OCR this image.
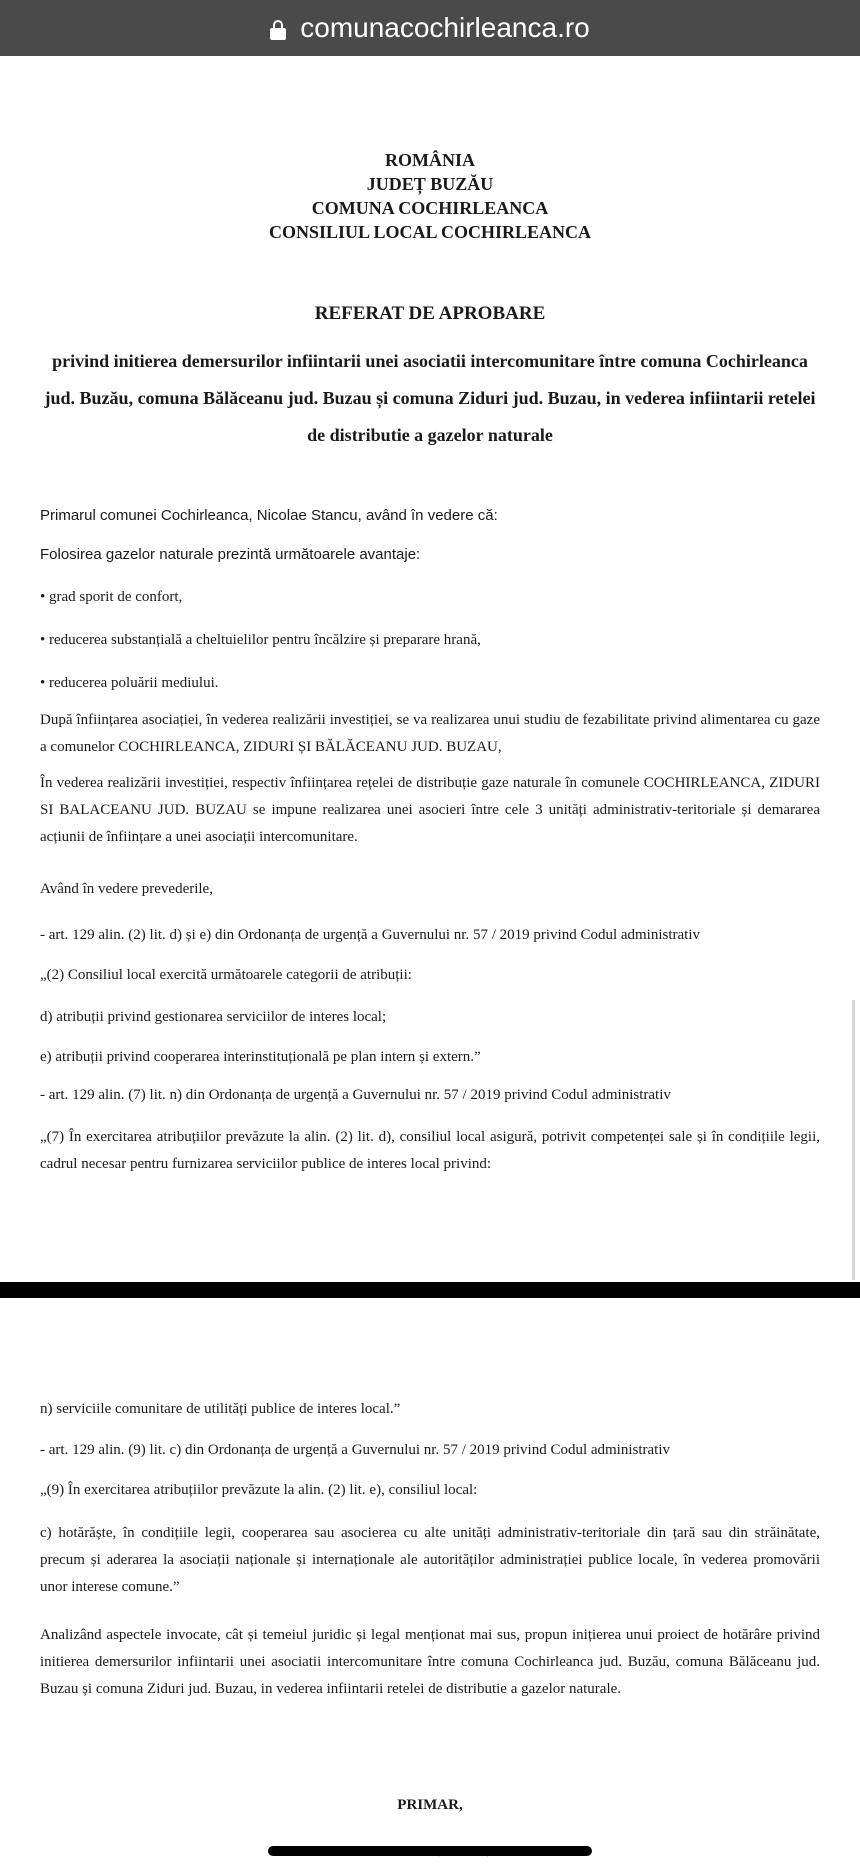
comunacochirleanca.ro
ROMÂNIA
JUDEȚ BUZĂU
COMUNA COCHIRLEANCA
CONSILIUL LOCAL COCHIRLEANCA
REFERAT DE APROBARE
privind initierea demersurilor infiintarii unei asociatii intercomunitare între comuna Cochirleanca jud. Buzău, comuna Bălăceanu jud. Buzau și comuna Ziduri jud. Buzau, in vederea infiintarii retelei de distributie a gazelor naturale
Primarul comunei Cochirleanca, Nicolae Stancu, având în vedere că:
Folosirea gazelor naturale prezintă următoarele avantaje:
• grad sporit de confort,
• reducerea substanțială a cheltuielilor pentru încălzire și preparare hrană,
• reducerea poluării mediului.
După înființarea asociației, în vederea realizării investiției, se va realizarea unui studiu de fezabilitate privind alimentarea cu gaze a comunelor COCHIRLEANCA, ZIDURI ȘI BĂLĂCEANU JUD. BUZAU,
În vederea realizării investiției, respectiv înființarea rețelei de distribuție gaze naturale în comunele COCHIRLEANCA, ZIDURI SI BALACEANU JUD. BUZAU se impune realizarea unei asocieri între cele 3 unități administrativ-teritoriale și demararea acțiunii de înființare a unei asociații intercomunitare.
Având în vedere prevederile,
- art. 129 alin. (2) lit. d) și e) din Ordonanța de urgență a Guvernului nr. 57 / 2019 privind Codul administrativ
„(2) Consiliul local exercită următoarele categorii de atribuții:
d) atribuții privind gestionarea serviciilor de interes local;
e) atribuții privind cooperarea interinstituțională pe plan intern și extern.”
- art. 129 alin. (7) lit. n) din Ordonanța de urgență a Guvernului nr. 57 / 2019 privind Codul administrativ
„(7) În exercitarea atribuțiilor prevăzute la alin. (2) lit. d), consiliul local asigură, potrivit competenței sale și în condițiile legii, cadrul necesar pentru furnizarea serviciilor publice de interes local privind:
n) serviciile comunitare de utilități publice de interes local.”
- art. 129 alin. (9) lit. c) din Ordonanța de urgență a Guvernului nr. 57 / 2019 privind Codul administrativ
„(9) În exercitarea atribuțiilor prevăzute la alin. (2) lit. e), consiliul local:
c) hotărăște, în condițiile legii, cooperarea sau asocierea cu alte unități administrativ-teritoriale din țară sau din străinătate, precum și aderarea la asociații naționale și internaționale ale autorităților administrației publice locale, în vederea promovării unor interese comune.”
Analizând aspectele invocate, cât și temeiul juridic și legal menționat mai sus, propun inițierea unui proiect de hotărâre privind initierea demersurilor infiintarii unei asociatii intercomunitare între comuna Cochirleanca jud. Buzău, comuna Bălăceanu jud. Buzau și comuna Ziduri jud. Buzau, in vederea infiintarii retelei de distributie a gazelor naturale.
PRIMAR,
